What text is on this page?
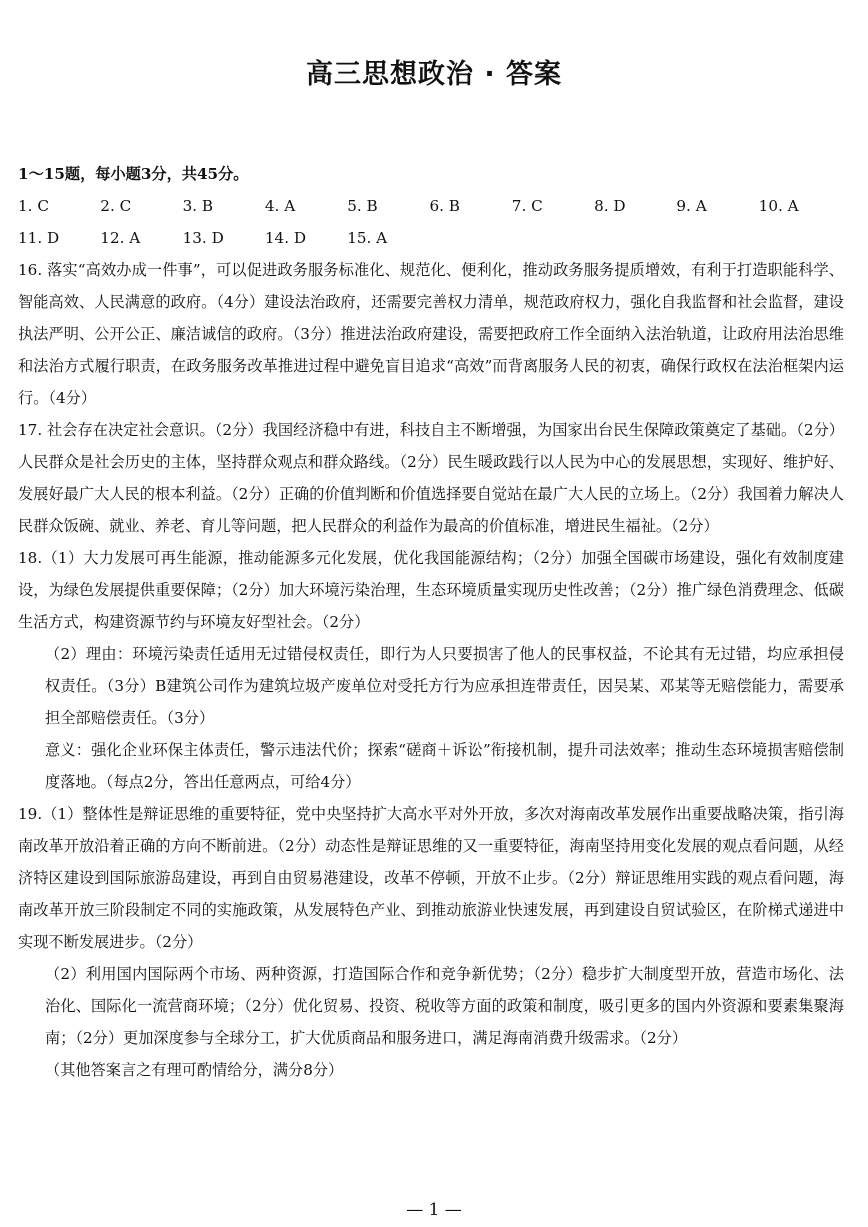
高三思想政治 · 答案
1～15题，每小题3分，共45分。
1. C	2. C	3. B	4. A	5. B	6. B	7. C	8. D	9. A	10. A
11. D	12. A	13. D	14. D	15. A

16. 落实“高效办成一件事”，可以促进政务服务标准化、规范化、便利化，推动政务服务提质增效，有利于打造职能科学、智能高效、人民满意的政府。（4分）建设法治政府，还需要完善权力清单，规范政府权力，强化自我监督和社会监督，建设执法严明、公开公正、廉洁诚信的政府。（3分）推进法治政府建设，需要把政府工作全面纳入法治轨道，让政府用法治思维和法治方式履行职责，在政务服务改革推进过程中避免盲目追求“高效”而背离服务人民的初衷，确保行政权在法治框架内运行。（4分）

17. 社会存在决定社会意识。（2分）我国经济稳中有进，科技自主不断增强，为国家出台民生保障政策奠定了基础。（2分）人民群众是社会历史的主体，坚持群众观点和群众路线。（2分）民生暖政践行以人民为中心的发展思想，实现好、维护好、发展好最广大人民的根本利益。（2分）正确的价值判断和价值选择要自觉站在最广大人民的立场上。（2分）我国着力解决人民群众饭碗、就业、养老、育儿等问题，把人民群众的利益作为最高的价值标准，增进民生福祉。（2分）

18.（1）大力发展可再生能源，推动能源多元化发展，优化我国能源结构；（2分）加强全国碳市场建设，强化有效制度建设，为绿色发展提供重要保障；（2分）加大环境污染治理，生态环境质量实现历史性改善；（2分）推广绿色消费理念、低碳生活方式，构建资源节约与环境友好型社会。（2分）

（2）理由：环境污染责任适用无过错侵权责任，即行为人只要损害了他人的民事权益，不论其有无过错，均应承担侵权责任。（3分）B建筑公司作为建筑垃圾产废单位对受托方行为应承担连带责任，因吴某、邓某等无赔偿能力，需要承担全部赔偿责任。（3分）

意义：强化企业环保主体责任，警示违法代价；探索“磋商＋诉讼”衔接机制，提升司法效率；推动生态环境损害赔偿制度落地。（每点2分，答出任意两点，可给4分）

19.（1）整体性是辩证思维的重要特征，党中央坚持扩大高水平对外开放，多次对海南改革发展作出重要战略决策，指引海南改革开放沿着正确的方向不断前进。（2分）动态性是辩证思维的又一重要特征，海南坚持用变化发展的观点看问题，从经济特区建设到国际旅游岛建设，再到自由贸易港建设，改革不停顿，开放不止步。（2分）辩证思维用实践的观点看问题，海南改革开放三阶段制定不同的实施政策，从发展特色产业、到推动旅游业快速发展，再到建设自贸试验区，在阶梯式递进中实现不断发展进步。（2分）

（2）利用国内国际两个市场、两种资源，打造国际合作和竞争新优势；（2分）稳步扩大制度型开放，营造市场化、法治化、国际化一流营商环境；（2分）优化贸易、投资、税收等方面的政策和制度，吸引更多的国内外资源和要素集聚海南；（2分）更加深度参与全球分工，扩大优质商品和服务进口，满足海南消费升级需求。（2分）

（其他答案言之有理可酌情给分，满分8分）

— 1 —
